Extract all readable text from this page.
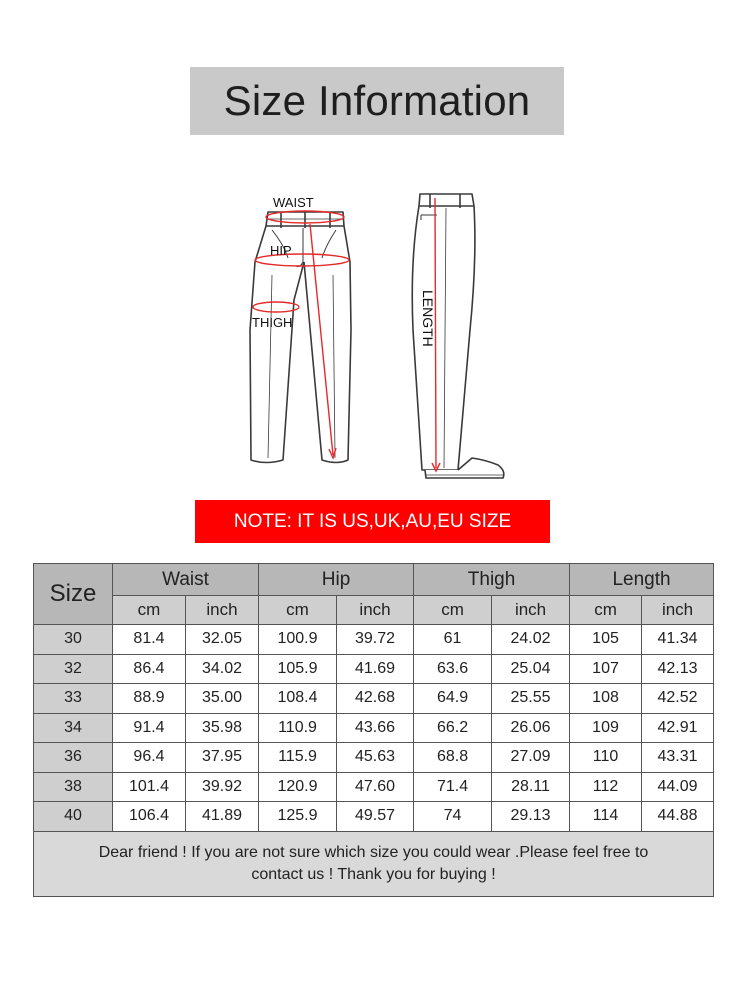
Size Information
WAIST
HIP
THIGH	LENGTH
NOTE: IT IS US,UK,AU,EU SIZE
Size	Waist		Hip		Thigh		Length	
	cm	inch	cm	inch	cm	inch	cm	inch
30	81.4	32.05	100.9	39.72	61	24.02	105	41.34
32	86.4	34.02	105.9	41.69	63.6	25.04	107	42.13
33	88.9	35.00	108.4	42.68	64.9	25.55	108	42.52
34	91.4	35.98	110.9	43.66	66.2	26.06	109	42.91
36	96.4	37.95	115.9	45.63	68.8	27.09	110	43.31
38	101.4	39.92	120.9	47.60	71.4	28.11	112	44.09
40	106.4	41.89	125.9	49.57	74	29.13	114	44.88
Dear friend ! If you are not sure which size you could wear .Please feel free to
contact us ! Thank you for buying !								
